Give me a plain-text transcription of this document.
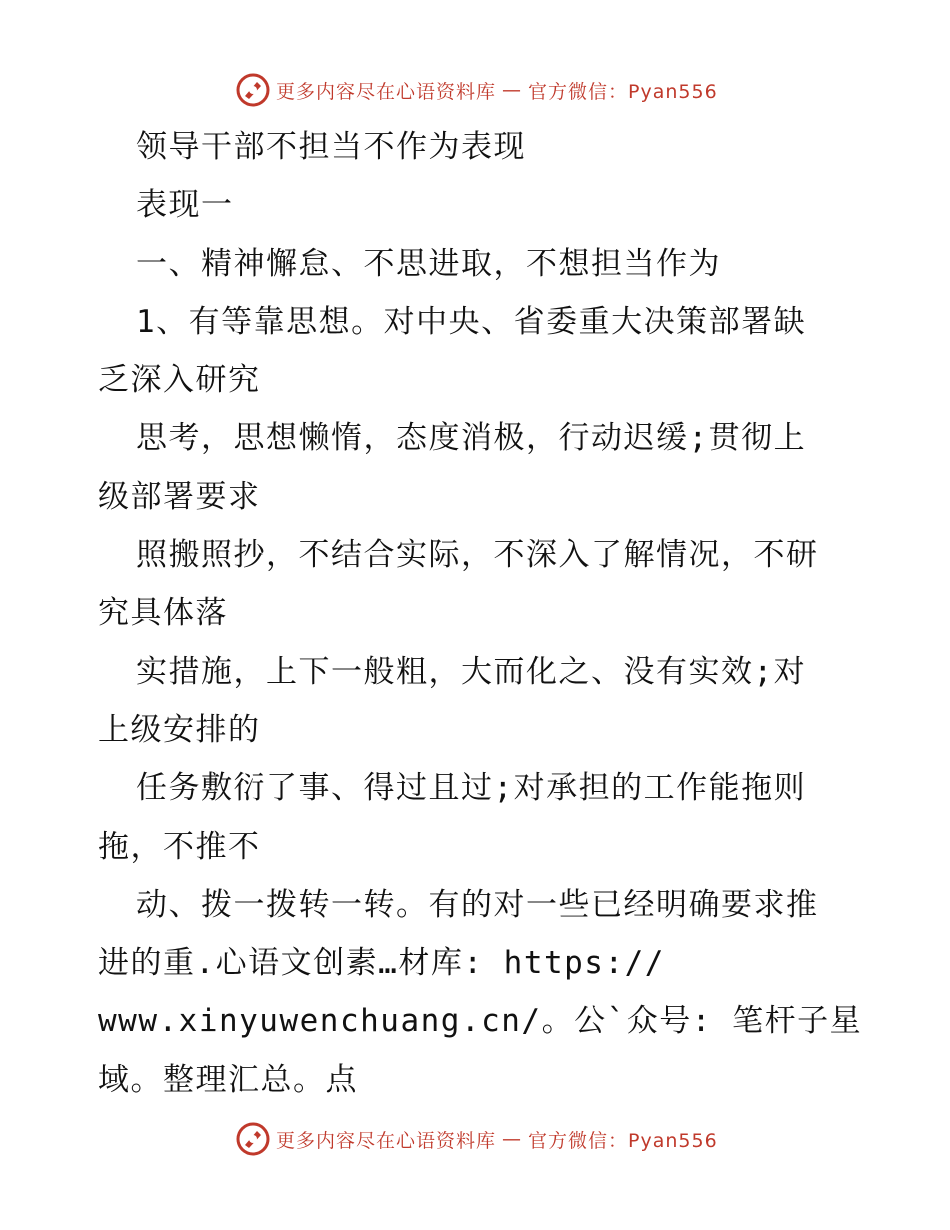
更多内容尽在心语资料库 — 官方微信：Pyan556

领导干部不担当不作为表现

表现一

一、精神懈怠、不思进取，不想担当作为

1、有等靠思想。对中央、省委重大决策部署缺

乏深入研究

思考，思想懒惰，态度消极，行动迟缓;贯彻上

级部署要求

照搬照抄，不结合实际，不深入了解情况，不研

究具体落

实措施，上下一般粗，大而化之、没有实效;对

上级安排的

任务敷衍了事、得过且过;对承担的工作能拖则

拖，不推不

动、拨一拨转一转。有的对一些已经明确要求推

进的重.心语文创素…材库: https://

www.xinyuwenchuang.cn/。公`众号: 笔杆子星

域。整理汇总。点

更多内容尽在心语资料库 — 官方微信：Pyan556
